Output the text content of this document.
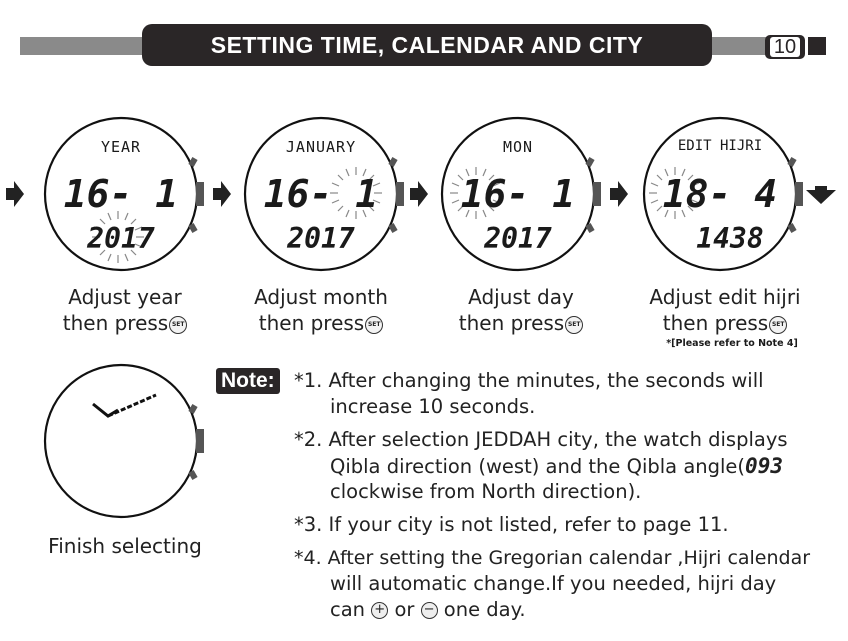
SETTING TIME, CALENDAR AND CITY	10
YEAR
16- 1
2017
JANUARY
16- 1
2017
MON
16- 1
2017
EDIT HIJRI
18- 4
1438
Adjust year
then press SET
Adjust month
then press SET
Adjust day
then press SET
Adjust edit hijri
then press SET
*[Please refer to Note 4]
Finish selecting
Note: *1. After changing the minutes, the seconds will
increase 10 seconds.
*2. After selection JEDDAH city, the watch displays
Qibla direction (west) and the Qibla angle(093
clockwise from North direction).
*3. If your city is not listed, refer to page 11.
*4. After setting the Gregorian calendar ,Hijri calendar
will automatic change.If you needed, hijri day
can + or − one day.
